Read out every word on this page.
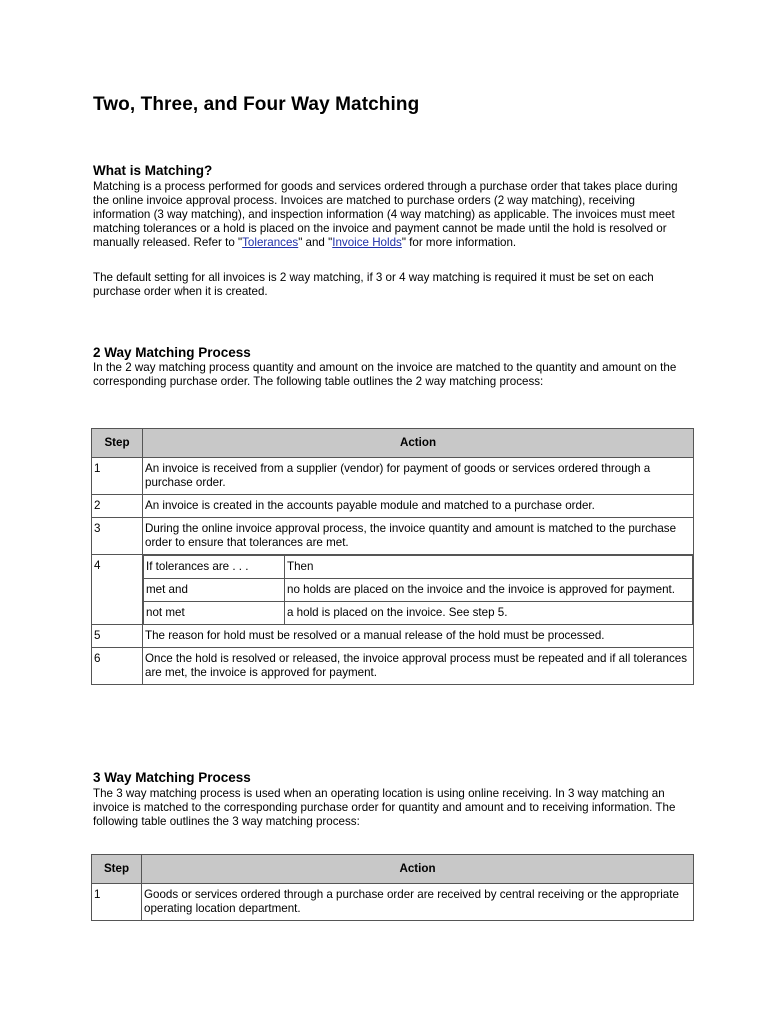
Two, Three, and Four Way Matching
What is Matching?

Matching is a process performed for goods and services ordered through a purchase order that takes place during the online invoice approval process. Invoices are matched to purchase orders (2 way matching), receiving information (3 way matching), and inspection information (4 way matching) as applicable. The invoices must meet matching tolerances or a hold is placed on the invoice and payment cannot be made until the hold is resolved or manually released. Refer to "Tolerances" and "Invoice Holds" for more information.

The default setting for all invoices is 2 way matching, if 3 or 4 way matching is required it must be set on each purchase order when it is created.

2 Way Matching Process

In the 2 way matching process quantity and amount on the invoice are matched to the quantity and amount on the corresponding purchase order. The following table outlines the 2 way matching process:

Step	Action
1	An invoice is received from a supplier (vendor) for payment of goods or services ordered through a purchase order.
2	An invoice is created in the accounts payable module and matched to a purchase order.
3	During the online invoice approval process, the invoice quantity and amount is matched to the purchase order to ensure that tolerances are met.
4		If tolerances are . . .	Then
met and	no holds are placed on the invoice and the invoice is approved for payment.
not met	a hold is placed on the invoice. See step 5.

5	The reason for hold must be resolved or a manual release of the hold must be processed.
6	Once the hold is resolved or released, the invoice approval process must be repeated and if all tolerances are met, the invoice is approved for payment.
3 Way Matching Process

The 3 way matching process is used when an operating location is using online receiving. In 3 way matching an invoice is matched to the corresponding purchase order for quantity and amount and to receiving information. The following table outlines the 3 way matching process:

Step	Action
1	Goods or services ordered through a purchase order are received by central receiving or the appropriate operating location department.
